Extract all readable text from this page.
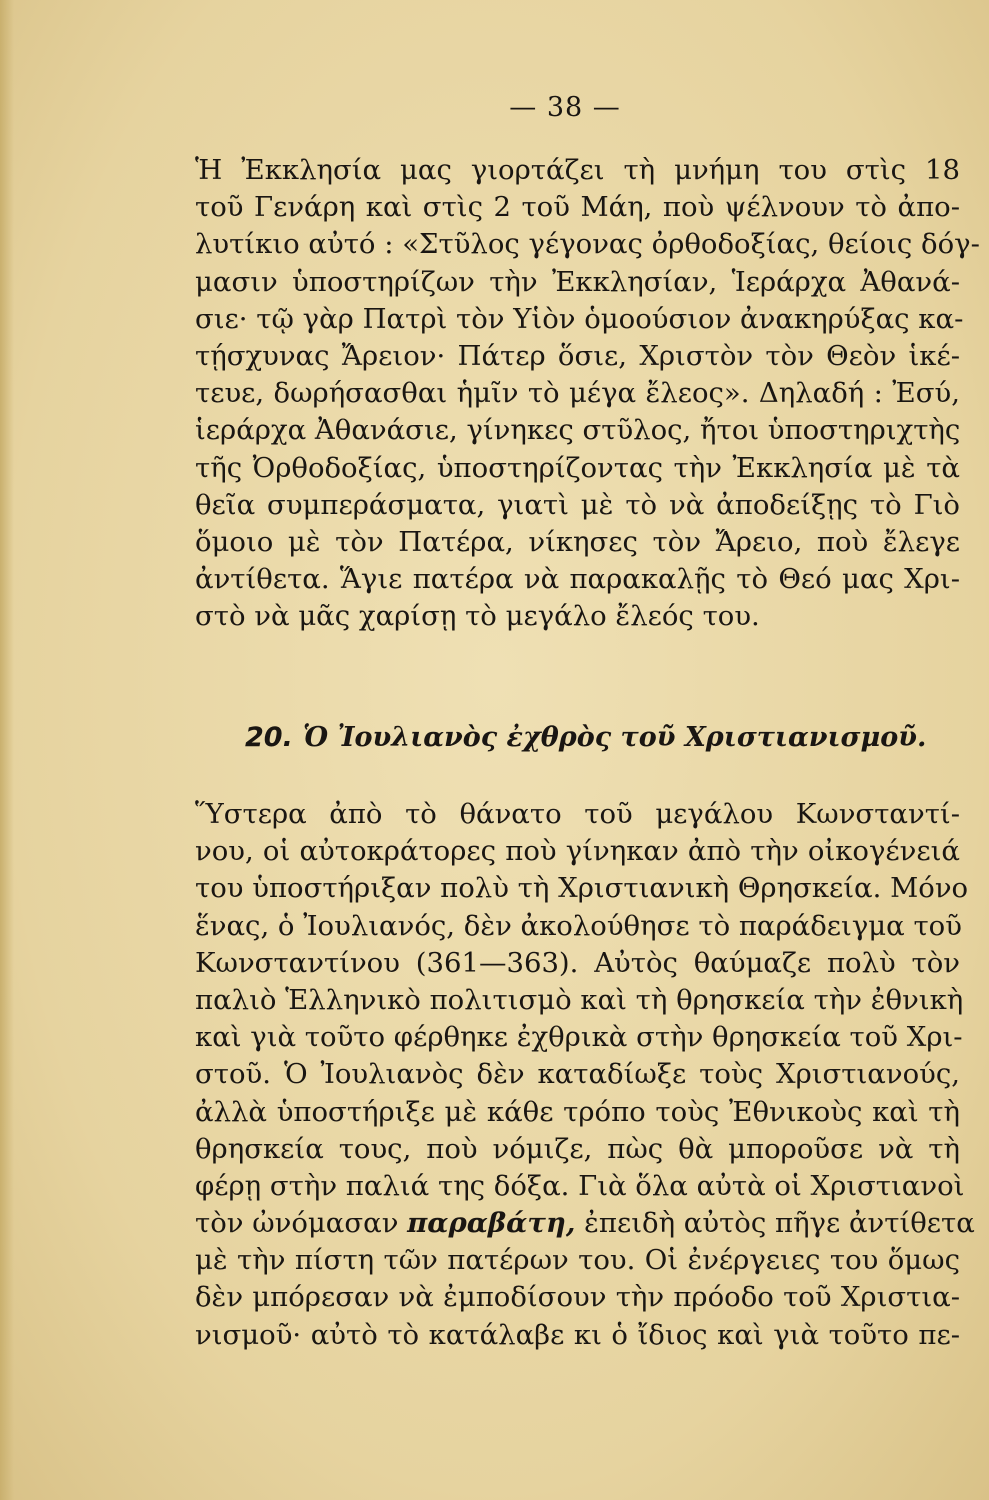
— 38 —
Ἡ Ἐκκλησία μας γιορτάζει τὴ μνήμη του στὶς 18
τοῦ Γενάρη καὶ στὶς 2 τοῦ Μάη, ποὺ ψέλνουν τὸ ἀπο-
λυτίκιο αὐτό : «Στῦλος γέγονας ὀρθοδοξίας, θείοις δόγ-
μασιν ὑποστηρίζων τὴν Ἐκκλησίαν, Ἱεράρχα Ἀθανά-
σιε· τῷ γὰρ Πατρὶ τὸν Υἱὸν ὁμοούσιον ἀνακηρύξας κα-
τῄσχυνας Ἄρειον· Πάτερ ὅσιε, Χριστὸν τὸν Θεὸν ἱκέ-
τευε, δωρήσασθαι ἡμῖν τὸ μέγα ἔλεος». Δηλαδή : Ἐσύ,
ἱεράρχα Ἀθανάσιε, γίνηκες στῦλος, ἤτοι ὑποστηριχτὴς
τῆς Ὀρθοδοξίας, ὑποστηρίζοντας τὴν Ἐκκλησία μὲ τὰ
θεῖα συμπεράσματα, γιατὶ μὲ τὸ νὰ ἀποδείξῃς τὸ Γιὸ
ὅμοιο μὲ τὸν Πατέρα, νίκησες τὸν Ἄρειο, ποὺ ἔλεγε
ἀντίθετα. Ἅγιε πατέρα νὰ παρακαλῇς τὸ Θεό μας Χρι-
στὸ νὰ μᾶς χαρίσῃ τὸ μεγάλο ἔλεός του.
20. Ὁ Ἰουλιανὸς ἐχθρὸς τοῦ Χριστιανισμοῦ.
Ὕστερα ἀπὸ τὸ θάνατο τοῦ μεγάλου Κωνσταντί-
νου, οἱ αὐτοκράτορες ποὺ γίνηκαν ἀπὸ τὴν οἰκογένειά
του ὑποστήριξαν πολὺ τὴ Χριστιανικὴ Θρησκεία. Μόνο
ἕνας, ὁ Ἰουλιανός, δὲν ἀκολούθησε τὸ παράδειγμα τοῦ
Κωνσταντίνου (361—363). Αὐτὸς θαύμαζε πολὺ τὸν
παλιὸ Ἑλληνικὸ πολιτισμὸ καὶ τὴ θρησκεία τὴν ἐθνικὴ
καὶ γιὰ τοῦτο φέρθηκε ἐχθρικὰ στὴν θρησκεία τοῦ Χρι-
στοῦ. Ὁ Ἰουλιανὸς δὲν καταδίωξε τοὺς Χριστιανούς,
ἀλλὰ ὑποστήριξε μὲ κάθε τρόπο τοὺς Ἐθνικοὺς καὶ τὴ
θρησκεία τους, ποὺ νόμιζε, πὼς θὰ μποροῦσε νὰ τὴ
φέρῃ στὴν παλιά της δόξα. Γιὰ ὅλα αὐτὰ οἱ Χριστιανοὶ
τὸν ὠνόμασαν παραβάτη, ἐπειδὴ αὐτὸς πῆγε ἀντίθετα
μὲ τὴν πίστη τῶν πατέρων του. Οἱ ἐνέργειες του ὅμως
δὲν μπόρεσαν νὰ ἐμποδίσουν τὴν πρόοδο τοῦ Χριστια-
νισμοῦ· αὐτὸ τὸ κατάλαβε κι ὁ ἴδιος καὶ γιὰ τοῦτο πε-
